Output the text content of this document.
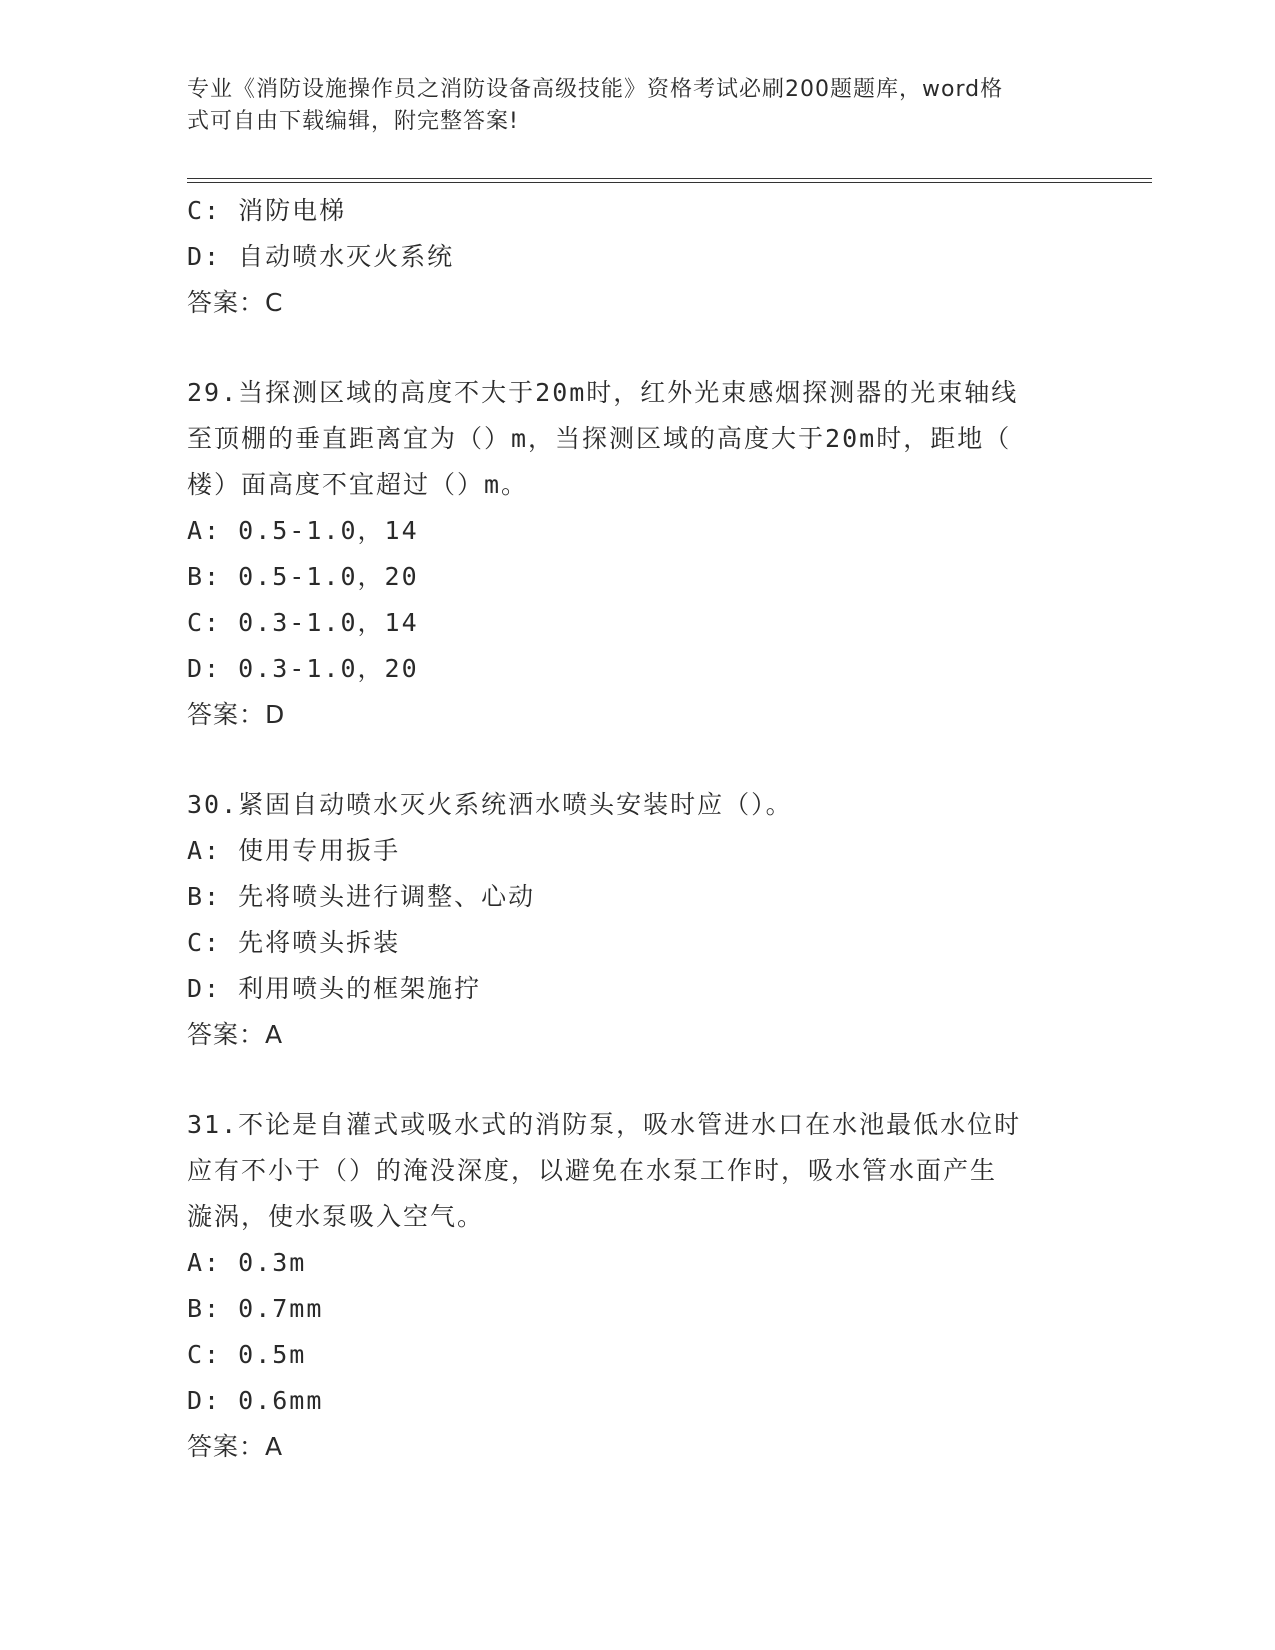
专业《消防设施操作员之消防设备高级技能》资格考试必刷200题题库，word格
式可自由下载编辑，附完整答案!
C: 消防电梯
D: 自动喷水灭火系统
答案：C
29.当探测区域的高度不大于20m时，红外光束感烟探测器的光束轴线
至顶棚的垂直距离宜为（）m，当探测区域的高度大于20m时，距地（
楼）面高度不宜超过（）m。
A: 0.5-1.0，14
B: 0.5-1.0，20
C: 0.3-1.0，14
D: 0.3-1.0，20
答案：D
30.紧固自动喷水灭火系统洒水喷头安装时应（）。
A: 使用专用扳手
B: 先将喷头进行调整、心动
C: 先将喷头拆装
D: 利用喷头的框架施拧
答案：A
31.不论是自灌式或吸水式的消防泵，吸水管进水口在水池最低水位时
应有不小于（）的淹没深度，以避免在水泵工作时，吸水管水面产生
漩涡，使水泵吸入空气。
A: 0.3m
B: 0.7mm
C: 0.5m
D: 0.6mm
答案：A
